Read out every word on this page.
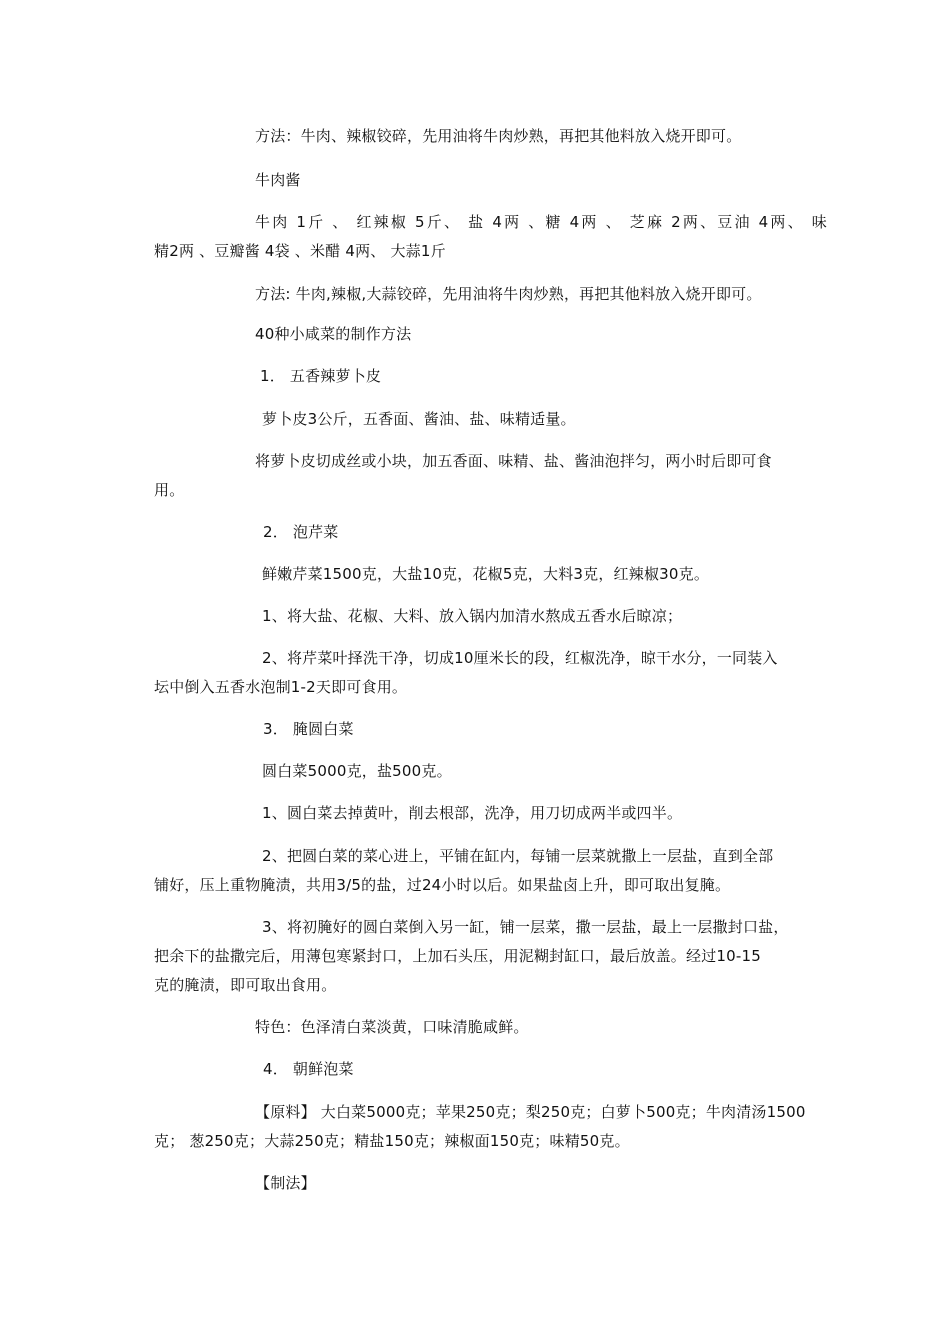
方法：牛肉、辣椒铰碎，先用油将牛肉炒熟，再把其他料放入烧开即可。
牛肉酱
牛肉 1斤 、 红辣椒 5斤、 盐 4两 、糖 4两 、 芝麻 2两、豆油 4两、 味
精2两 、豆瓣酱 4袋 、米醋 4两、 大蒜1斤
方法: 牛肉,辣椒,大蒜铰碎，先用油将牛肉炒熟，再把其他料放入烧开即可。
40种小咸菜的制作方法
1． 五香辣萝卜皮
萝卜皮3公斤，五香面、酱油、盐、味精适量。
将萝卜皮切成丝或小块，加五香面、味精、盐、酱油泡拌匀，两小时后即可食
用。
2． 泡芹菜
鲜嫩芹菜1500克，大盐10克，花椒5克，大料3克，红辣椒30克。
1、将大盐、花椒、大料、放入锅内加清水熬成五香水后晾凉；
2、将芹菜叶择洗干净，切成10厘米长的段，红椒洗净，晾干水分，一同装入
坛中倒入五香水泡制1-2天即可食用。
3． 腌圆白菜
圆白菜5000克，盐500克。
1、圆白菜去掉黄叶，削去根部，洗净，用刀切成两半或四半。
2、把圆白菜的菜心进上，平铺在缸内，每铺一层菜就撒上一层盐，直到全部
铺好，压上重物腌渍，共用3/5的盐，过24小时以后。如果盐卤上升，即可取出复腌。
3、将初腌好的圆白菜倒入另一缸，铺一层菜，撒一层盐，最上一层撒封口盐，
把余下的盐撒完后，用薄包寒紧封口，上加石头压，用泥糊封缸口，最后放盖。经过10-15
克的腌渍，即可取出食用。
特色：色泽清白菜淡黄，口味清脆咸鲜。
4． 朝鲜泡菜
【原料】 大白菜5000克；苹果250克；梨250克；白萝卜500克；牛肉清汤1500
克； 葱250克；大蒜250克；精盐150克；辣椒面150克；味精50克。
【制法】
